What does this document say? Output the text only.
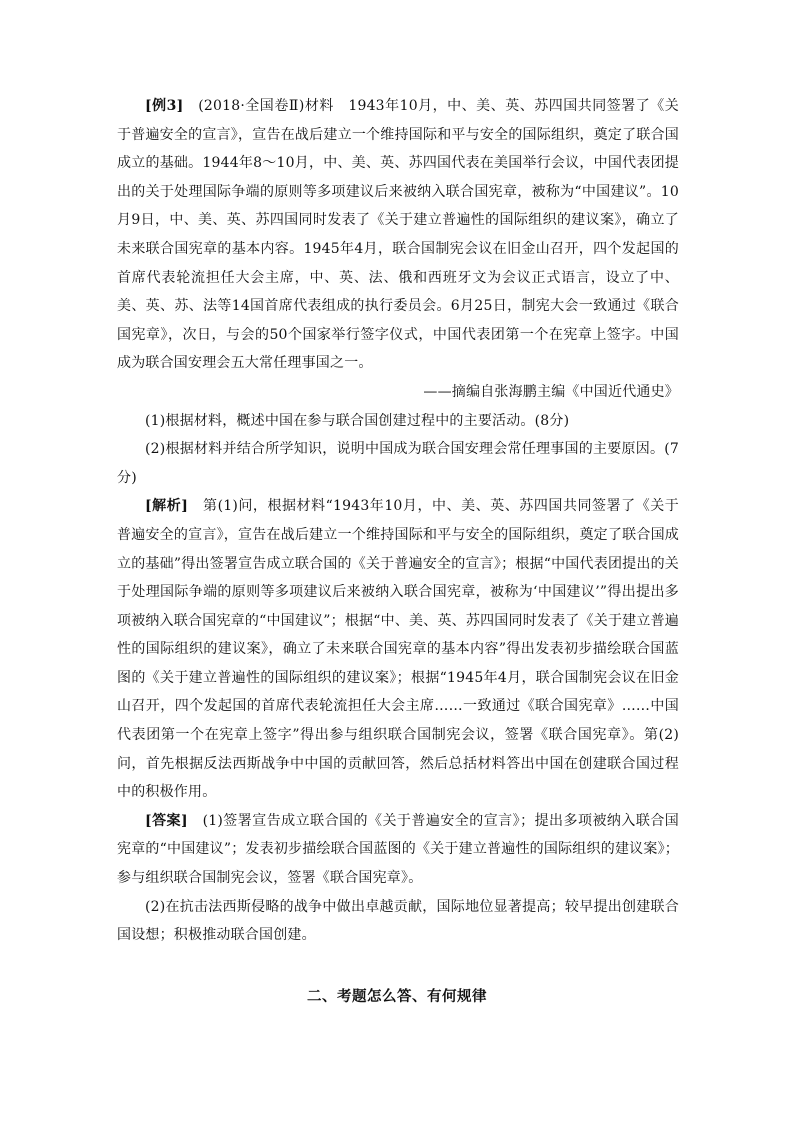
[例3]　 (2018·全国卷Ⅱ)材料　1943年10月，中、美、英、苏四国共同签署了《关于普遍安全的宣言》，宣告在战后建立一个维持国际和平与安全的国际组织，奠定了联合国成立的基础。1944年8～10月，中、美、英、苏四国代表在美国举行会议，中国代表团提出的关于处理国际争端的原则等多项建议后来被纳入联合国宪章，被称为“中国建议”。10月9日，中、美、英、苏四国同时发表了《关于建立普遍性的国际组织的建议案》，确立了未来联合国宪章的基本内容。1945年4月，联合国制宪会议在旧金山召开，四个发起国的首席代表轮流担任大会主席，中、英、法、俄和西班牙文为会议正式语言，设立了中、美、英、苏、法等14国首席代表组成的执行委员会。6月25日，制宪大会一致通过《联合国宪章》，次日，与会的50个国家举行签字仪式，中国代表团第一个在宪章上签字。中国成为联合国安理会五大常任理事国之一。

——摘编自张海鹏主编《中国近代通史》

(1)根据材料，概述中国在参与联合国创建过程中的主要活动。(8分)

(2)根据材料并结合所学知识，说明中国成为联合国安理会常任理事国的主要原因。(7分)

[解析]　 第(1)问，根据材料“1943年10月，中、美、英、苏四国共同签署了《关于普遍安全的宣言》，宣告在战后建立一个维持国际和平与安全的国际组织，奠定了联合国成立的基础”得出签署宣告成立联合国的《关于普遍安全的宣言》；根据“中国代表团提出的关于处理国际争端的原则等多项建议后来被纳入联合国宪章，被称为‘中国建议’”得出提出多项被纳入联合国宪章的“中国建议”；根据“中、美、英、苏四国同时发表了《关于建立普遍性的国际组织的建议案》，确立了未来联合国宪章的基本内容”得出发表初步描绘联合国蓝图的《关于建立普遍性的国际组织的建议案》；根据“1945年4月，联合国制宪会议在旧金山召开，四个发起国的首席代表轮流担任大会主席……一致通过《联合国宪章》……中国代表团第一个在宪章上签字”得出参与组织联合国制宪会议，签署《联合国宪章》。第(2)问，首先根据反法西斯战争中中国的贡献回答，然后总括材料答出中国在创建联合国过程中的积极作用。

[答案]　 (1)签署宣告成立联合国的《关于普遍安全的宣言》；提出多项被纳入联合国宪章的“中国建议”；发表初步描绘联合国蓝图的《关于建立普遍性的国际组织的建议案》；参与组织联合国制宪会议，签署《联合国宪章》。

(2)在抗击法西斯侵略的战争中做出卓越贡献，国际地位显著提高；较早提出创建联合国设想；积极推动联合国创建。

二、考题怎么答、有何规律
